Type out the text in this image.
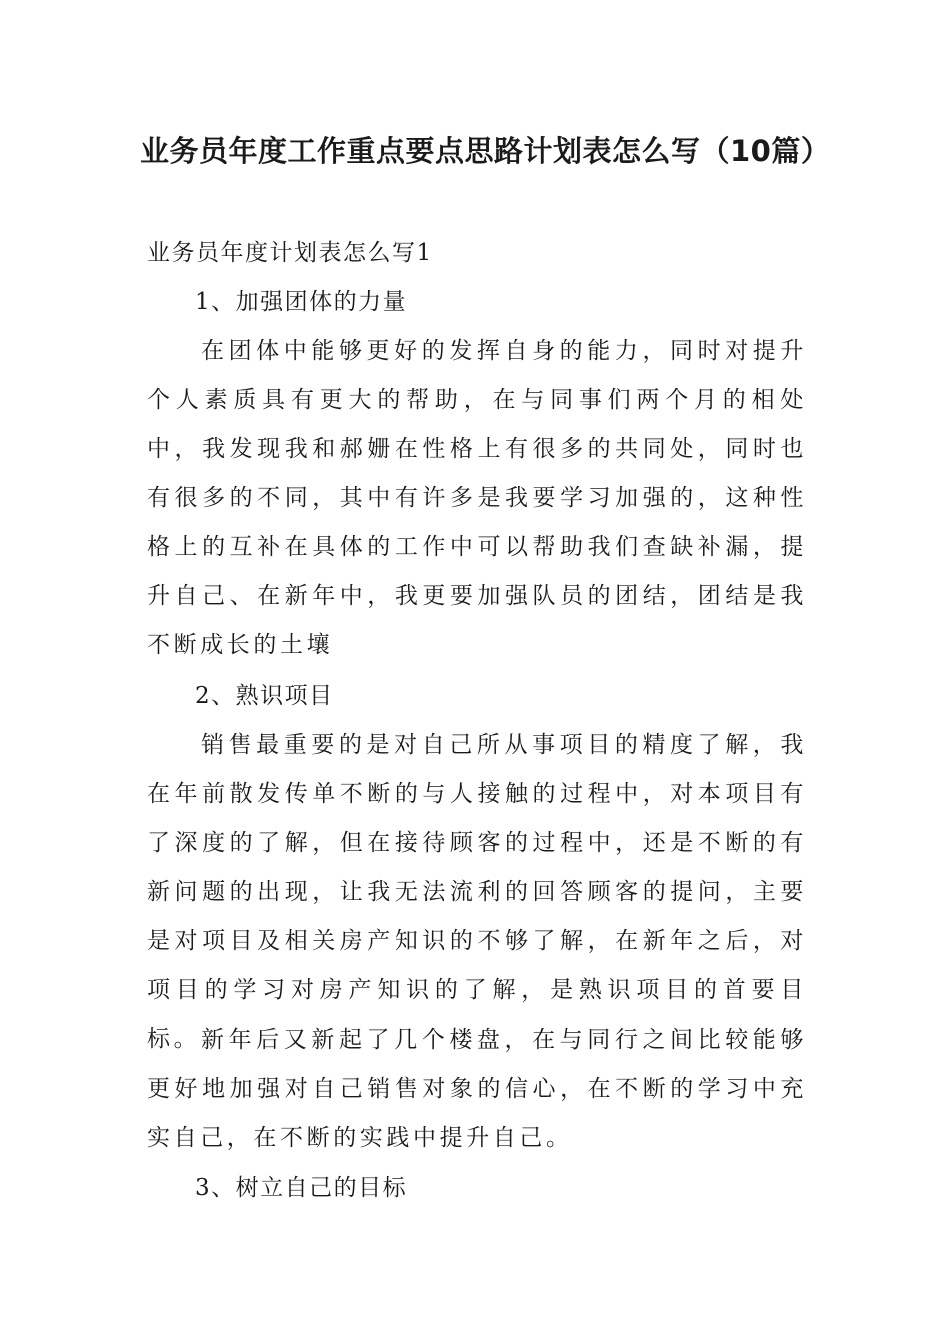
业务员年度工作重点要点思路计划表怎么写（10篇）
业务员年度计划表怎么写1
1、加强团体的力量
在团体中能够更好的发挥自身的能力，同时对提升个人素质具有更大的帮助，在与同事们两个月的相处中，我发现我和郝姗在性格上有很多的共同处，同时也有很多的不同，其中有许多是我要学习加强的，这种性格上的互补在具体的工作中可以帮助我们查缺补漏，提升自己、在新年中，我更要加强队员的团结，团结是我不断成长的土壤
2、熟识项目
销售最重要的是对自己所从事项目的精度了解，我在年前散发传单不断的与人接触的过程中，对本项目有了深度的了解，但在接待顾客的过程中，还是不断的有新问题的出现，让我无法流利的回答顾客的提问，主要是对项目及相关房产知识的不够了解，在新年之后，对项目的学习对房产知识的了解，是熟识项目的首要目标。 新年后又新起了几个楼盘，在与同行之间比较能够更好地加强对自己销售对象的信心，在不断的学习中充实自己，在不断的实践中提升自己。
3、树立自己的目标
